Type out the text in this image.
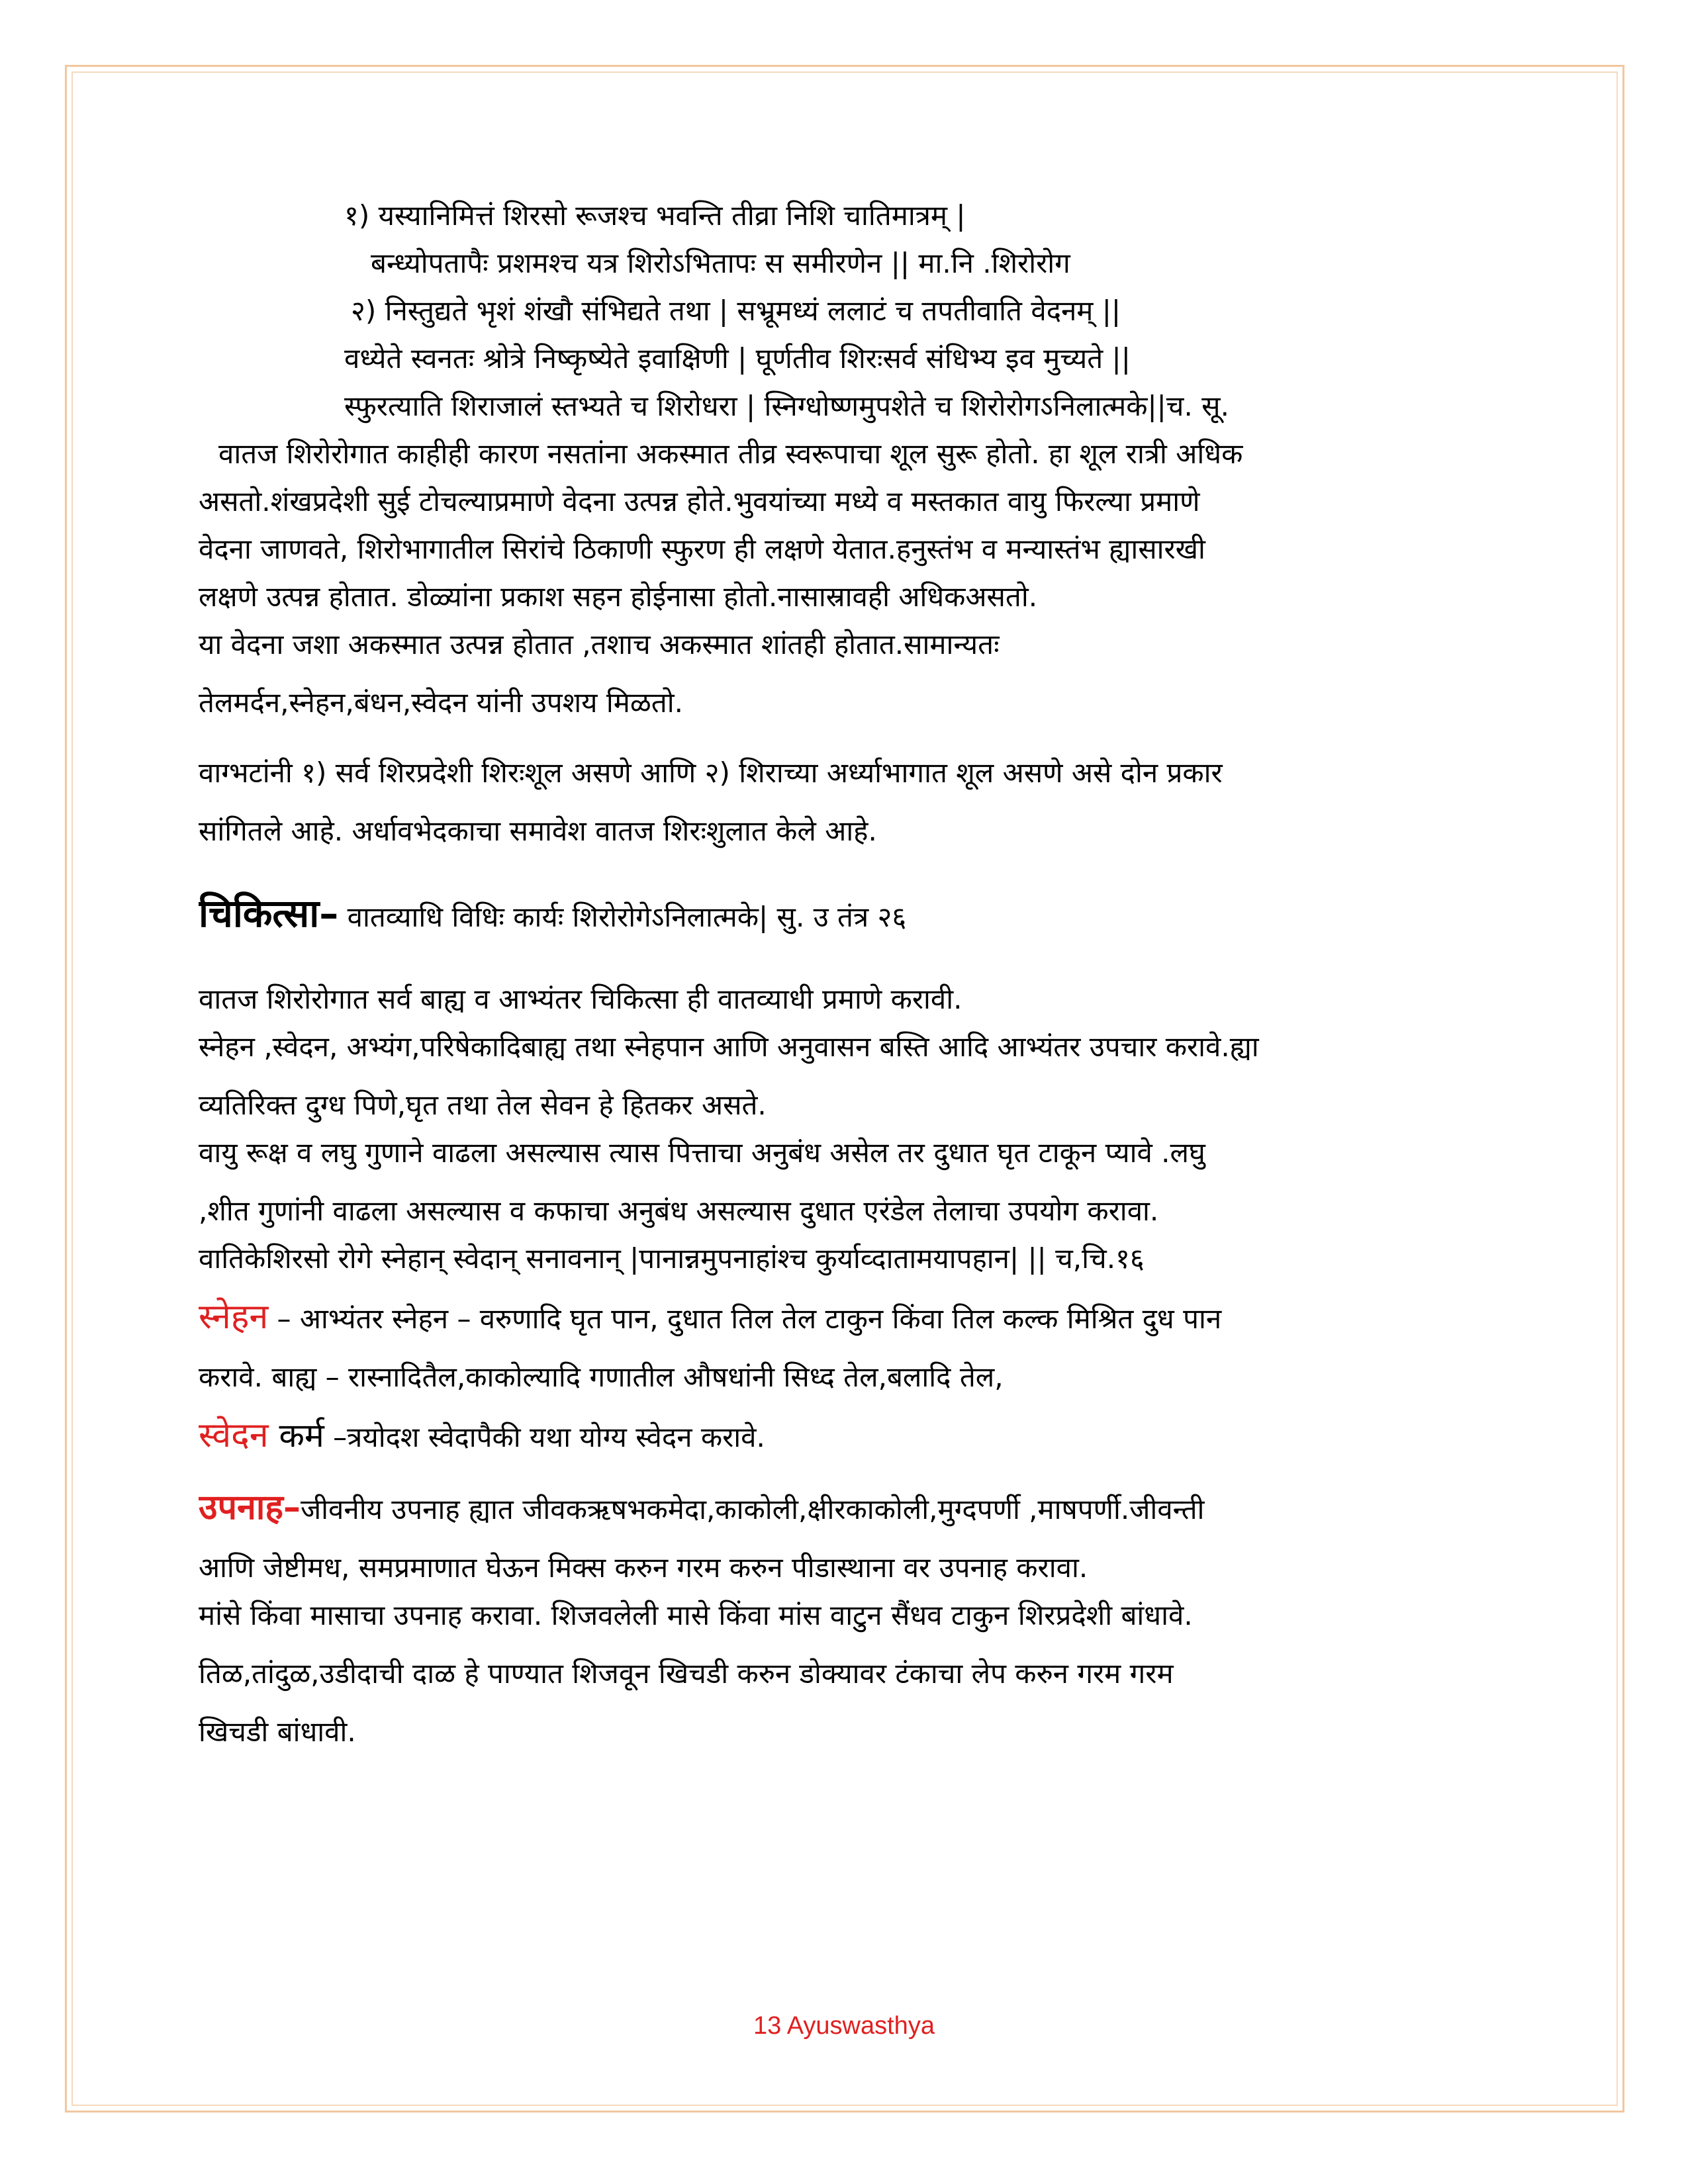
१) यस्यानिमित्तं शिरसो रूजश्च भवन्ति तीव्रा निशि चातिमात्रम् |
बन्ध्योपतापैः प्रशमश्च यत्र शिरोऽभितापः स समीरणेन || मा.नि .शिरोरोग
२) निस्तुद्यते भृशं शंखौ संभिद्यते तथा | सभ्रूमध्यं ललाटं च तपतीवाति वेदनम् ||
वध्येते स्वनतः श्रोत्रे निष्कृष्येते इवाक्षिणी | घूर्णतीव शिरःसर्व संधिभ्य इव मुच्यते ||
स्फुरत्याति शिराजालं स्तभ्यते च शिरोधरा | स्निग्धोष्णमुपशेते च शिरोरोगऽनिलात्मके||च. सू.
वातज शिरोरोगात काहीही कारण नसतांना अकस्मात तीव्र स्वरूपाचा शूल सुरू होतो. हा शूल रात्री अधिक
असतो.शंखप्रदेशी सुई टोचल्याप्रमाणे वेदना उत्पन्न होते.भुवयांच्या मध्ये व मस्तकात वायु फिरल्या प्रमाणे
वेदना जाणवते, शिरोभागातील सिरांचे ठिकाणी स्फुरण ही लक्षणे येतात.हनुस्तंभ व मन्यास्तंभ ह्यासारखी
लक्षणे उत्पन्न होतात. डोळ्यांना प्रकाश सहन होईनासा होतो.नासास्रावही अधिकअसतो.
या वेदना जशा अकस्मात उत्पन्न होतात ,तशाच अकस्मात शांतही होतात.सामान्यतः
तेलमर्दन,स्नेहन,बंधन,स्वेदन यांनी उपशय मिळतो.
वाग्भटांनी १) सर्व शिरप्रदेशी शिरःशूल असणे आणि २) शिराच्या अर्ध्याभागात शूल असणे असे दोन प्रकार
सांगितले आहे. अर्धावभेदकाचा समावेश वातज शिरःशुलात केले आहे.
चिकित्सा– वातव्याधि विधिः कार्यः शिरोरोगेऽनिलात्मके| सु. उ तंत्र २६
वातज शिरोरोगात सर्व बाह्य व आभ्यंतर चिकित्सा ही वातव्याधी प्रमाणे करावी.
स्नेहन ,स्वेदन, अभ्यंग,परिषेकादिबाह्य तथा स्नेहपान आणि अनुवासन बस्ति आदि आभ्यंतर उपचार करावे.ह्या
व्यतिरिक्त दुग्ध पिणे,घृत तथा तेल सेवन हे हितकर असते.
वायु रूक्ष व लघु गुणाने वाढला असल्यास त्यास पित्ताचा अनुबंध असेल तर दुधात घृत टाकून प्यावे .लघु
,शीत गुणांनी वाढला असल्यास व कफाचा अनुबंध असल्यास दुधात एरंडेल तेलाचा उपयोग करावा.
वातिकेशिरसो रोगे स्नेहान् स्वेदान् सनावनान् |पानान्नमुपनाहांश्च कुर्याव्दातामयापहान| || च,चि.१६
स्नेहन – आभ्यंतर स्नेहन – वरुणादि घृत पान, दुधात तिल तेल टाकुन किंवा तिल कल्क मिश्रित दुध पान
करावे. बाह्य – रास्नादितैल,काकोल्यादि गणातील औषधांनी सिध्द तेल,बलादि तेल,
स्वेदन कर्म –त्रयोदश स्वेदापैकी यथा योग्य स्वेदन करावे.
उपनाह–जीवनीय उपनाह ह्यात जीवकऋषभकमेदा,काकोली,क्षीरकाकोली,मुग्दपर्णी ,माषपर्णी.जीवन्ती
आणि जेष्टीमध, समप्रमाणात घेऊन मिक्स करुन गरम करुन पीडास्थाना वर उपनाह करावा.
मांसे किंवा मासाचा उपनाह करावा. शिजवलेली मासे किंवा मांस वाटुन सैंधव टाकुन शिरप्रदेशी बांधावे.
तिळ,तांदुळ,उडीदाची दाळ हे पाण्यात शिजवून खिचडी करुन डोक्यावर टंकाचा लेप करुन गरम गरम
खिचडी बांधावी.
13 Ayuswasthya
